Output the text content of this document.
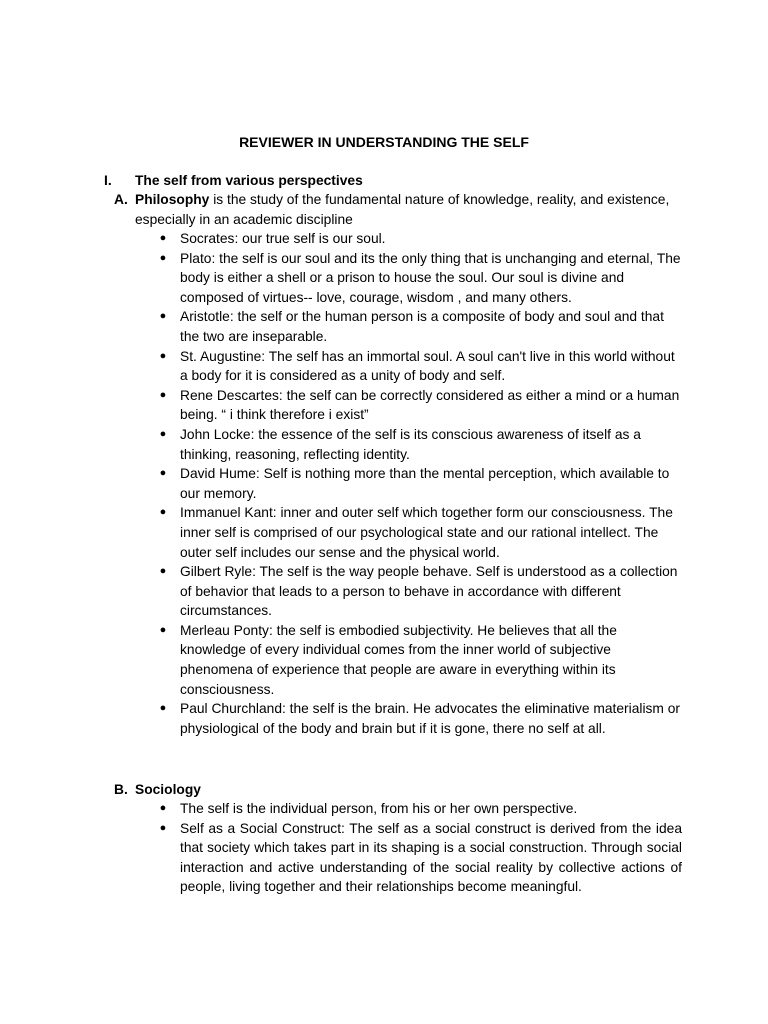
REVIEWER IN UNDERSTANDING THE SELF
I. The self from various perspectives
A. Philosophy is the study of the fundamental nature of knowledge, reality, and existence, especially in an academic discipline
● Socrates: our true self is our soul.
● Plato: the self is our soul and its the only thing that is unchanging and eternal, The body is either a shell or a prison to house the soul. Our soul is divine and composed of virtues-- love, courage, wisdom , and many others.
● Aristotle: the self or the human person is a composite of body and soul and that the two are inseparable.
● St. Augustine: The self has an immortal soul. A soul can't live in this world without a body for it is considered as a unity of body and self.
● Rene Descartes: the self can be correctly considered as either a mind or a human being. “ i think therefore i exist”
● John Locke: the essence of the self is its conscious awareness of itself as a thinking, reasoning, reflecting identity.
● David Hume: Self is nothing more than the mental perception, which available to our memory.
● Immanuel Kant: inner and outer self which together form our consciousness. The inner self is comprised of our psychological state and our rational intellect. The outer self includes our sense and the physical world.
● Gilbert Ryle: The self is the way people behave. Self is understood as a collection of behavior that leads to a person to behave in accordance with different circumstances.
● Merleau Ponty: the self is embodied subjectivity. He believes that all the knowledge of every individual comes from the inner world of subjective phenomena of experience that people are aware in everything within its consciousness.
● Paul Churchland: the self is the brain. He advocates the eliminative materialism or physiological of the body and brain but if it is gone, there no self at all.
B. Sociology
● The self is the individual person, from his or her own perspective.
● Self as a Social Construct: The self as a social construct is derived from the idea that society which takes part in its shaping is a social construction. Through social interaction and active understanding of the social reality by collective actions of people, living together and their relationships become meaningful.
